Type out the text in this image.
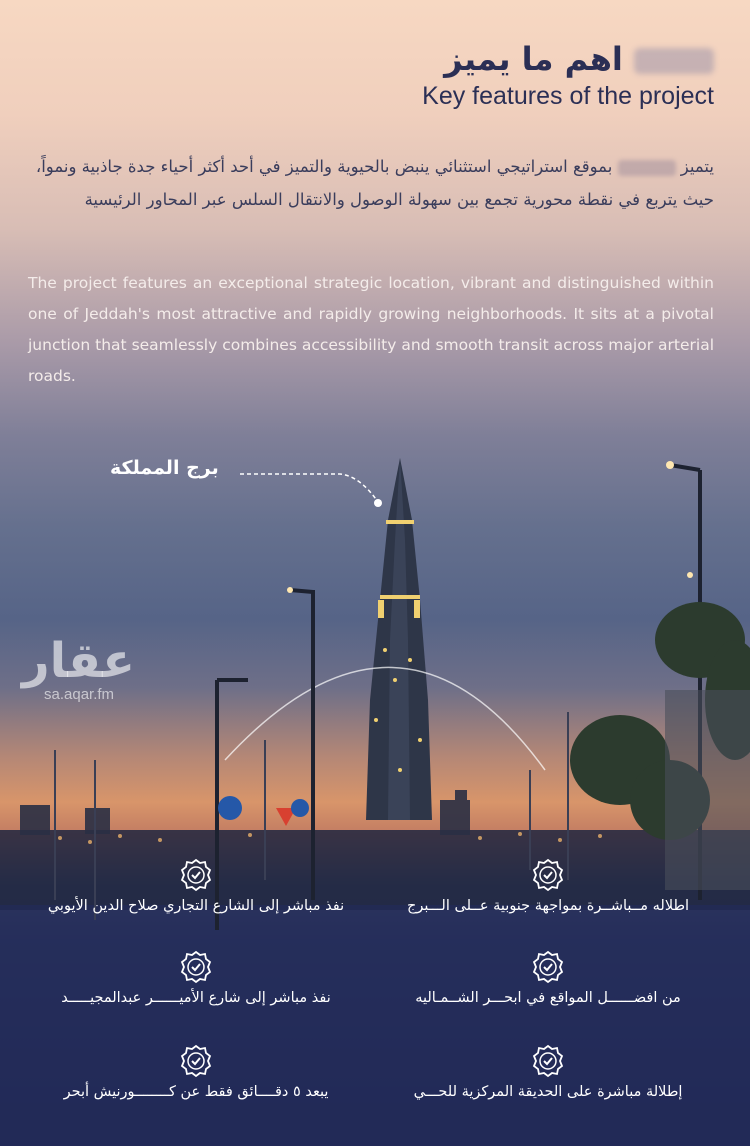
اهم ما يميز
Key features of the project
يتميز  بموقع استراتيجي استثنائي ينبض بالحيوية والتميز في أحد أكثر أحياء جدة جاذبية ونمواً، حيث يتربع في نقطة محورية تجمع بين سهولة الوصول والانتقال السلس عبر المحاور الرئيسية
The project features an exceptional strategic location, vibrant and distinguished within one of Jeddah's most attractive and rapidly growing neighborhoods. It sits at a pivotal junction that seamlessly combines accessibility and smooth transit across major arterial roads.
برج المملكة
عقار
sa.aqar.fm
اطلاله مــباشــرة بمواجهة جنوبية عــلى الـــبرج
نفذ مباشر إلى الشارع التجاري صلاح الدين الأيوبي
من افضــــــل المواقع في ابحـــر الشــمـاليه
نفذ مباشر إلى شارع الأميــــــر عبدالمجيـــــد
إطلالة مباشرة على الحديقة المركزية للحـــي
يبعد ٥ دقــــائق فقط عن كــــــــورنيش أبحر
